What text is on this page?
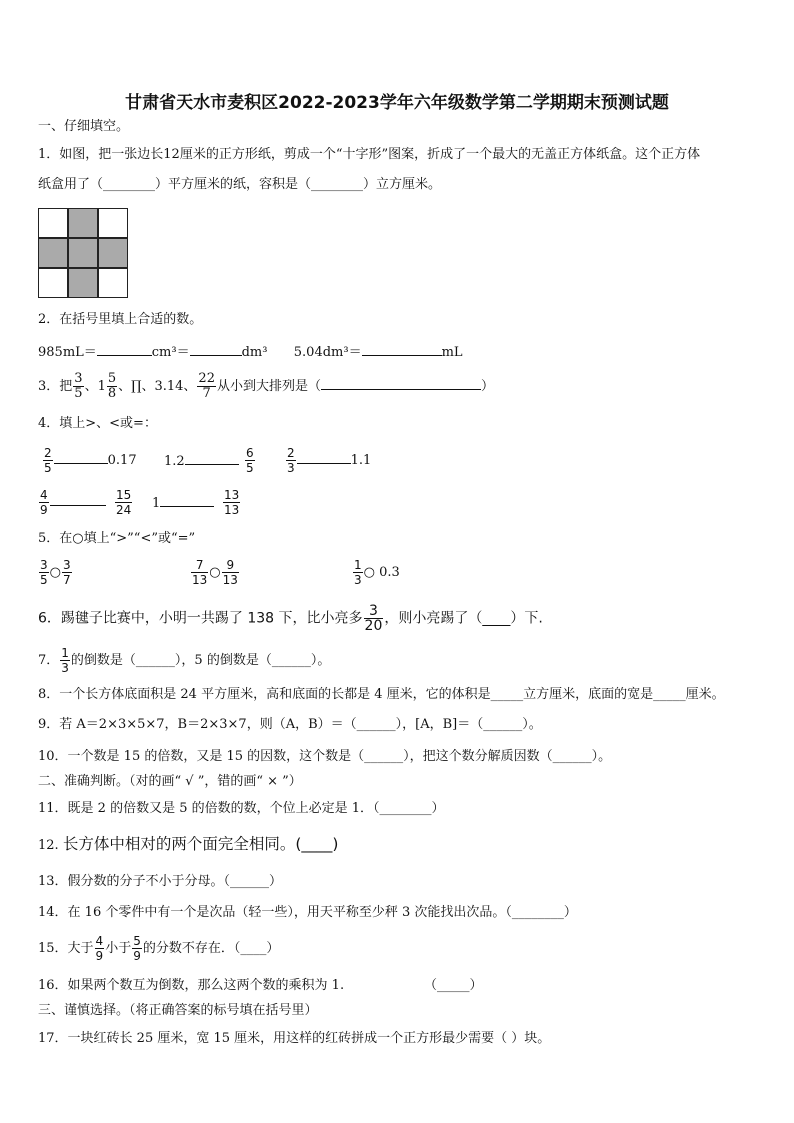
甘肃省天水市麦积区2022-2023学年六年级数学第二学期期末预测试题
一、仔细填空。
1．如图，把一张边长12厘米的正方形纸，剪成一个“十字形”图案，折成了一个最大的无盖正方体纸盒。这个正方体
纸盒用了（________）平方厘米的纸，容积是（________）立方厘米。
2．在括号里填上合适的数。
985mL＝	cm³＝	dm³ 5.04dm³＝	mL
3．把 $\frac{3}{5}$ 、$1 \frac{5}{8}$ 、∏、3.14、 $\frac{22}{7}$ 从小到大排列是（	）
4．填上>、<或=：
$\frac{2}{5}$	0.17 1.2	$\frac{6}{5}$	$\frac{2}{3}$	1.1
$\frac{4}{9}$	$\frac{15}{24} 1$	$\frac{13}{13}$
5．在○填上“>”“<”或“=”
$\frac{3}{5}$ ○ $\frac{3}{7}$	$\frac{7}{13}$ ○ $\frac{9}{13}$	$\frac{1}{3}$ ○ 0.3
6．踢毽子比赛中，小明一共踢了 138 下，比小亮多 $\frac{3}{20}$ ，则小亮踢了（____）下.
7． $\frac{1}{3}$ 的倒数是（______），5 的倒数是（______）。
8．一个长方体底面积是 24 平方厘米，高和底面的长都是 4 厘米，它的体积是_____立方厘米，底面的宽是_____厘米。
9．若 A＝2×3×5×7，B＝2×3×7，则（A，B）＝（______），[A，B]＝（______）。
10．一个数是 15 的倍数，又是 15 的因数，这个数是（______），把这个数分解质因数（______）。
二、准确判断。（对的画“ √ ”，错的画“ × ”）
11．既是 2 的倍数又是 5 的倍数的数，个位上必定是 1．（________）
12. 长方体中相对的两个面完全相同。(____)
13．假分数的分子不小于分母。（______）
14．在 16 个零件中有一个是次品（轻一些），用天平称至少秤 3 次能找出次品。（________）
15．大于 $\frac{4}{9}$ 小于 $\frac{5}{9}$ 的分数不存在．（____）
16．如果两个数互为倒数，那么这两个数的乘积为 1.	（_____）
三、谨慎选择。（将正确答案的标号填在括号里）
17．一块红砖长 25 厘米，宽 15 厘米，用这样的红砖拼成一个正方形最少需要（ ）块。
